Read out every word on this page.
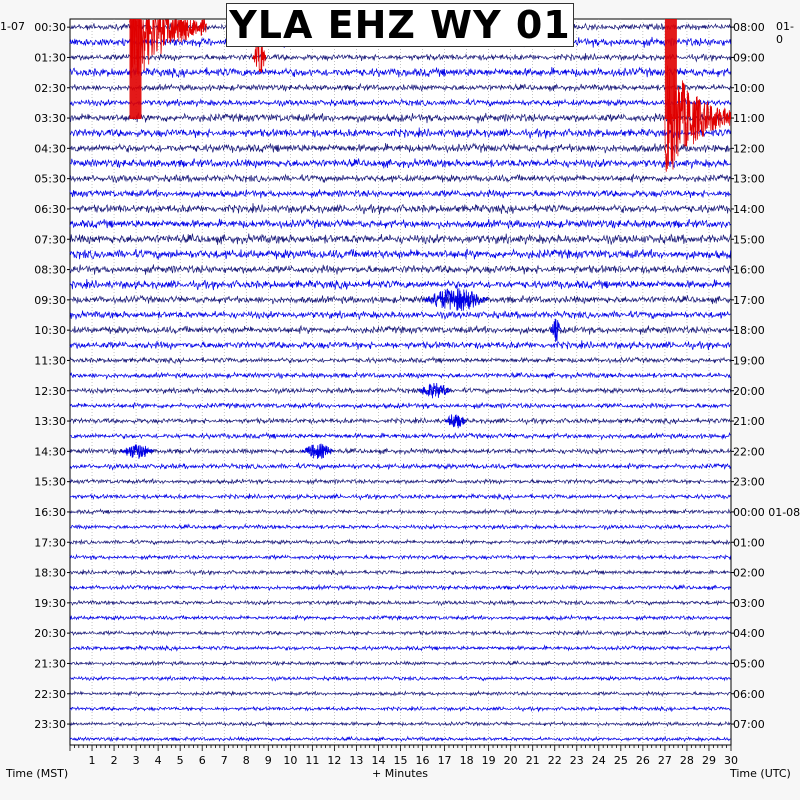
00:30
01:30
02:30
03:30
04:30
05:30
06:30
07:30
08:30
09:30
10:30
11:30
12:30
13:30
14:30
15:30
16:30
17:30
18:30
19:30
20:30
21:30
22:30
23:30
08:00
09:00
10:00
11:00
12:00
13:00
14:00
15:00
16:00
17:00
18:00
19:00
20:00
21:00
22:00
23:00
00:00 01-08
01:00
02:00
03:00
04:00
05:00
06:00
07:00
1 2 3 4 5 6 7 8 9 10 11 12 13 14 15 16 17 18 19 20 21 22 23 24 25 26 27 28 29 30
YLA EHZ WY 01
1-07	01-0
Time (MST)	+ Minutes	Time (UTC)
